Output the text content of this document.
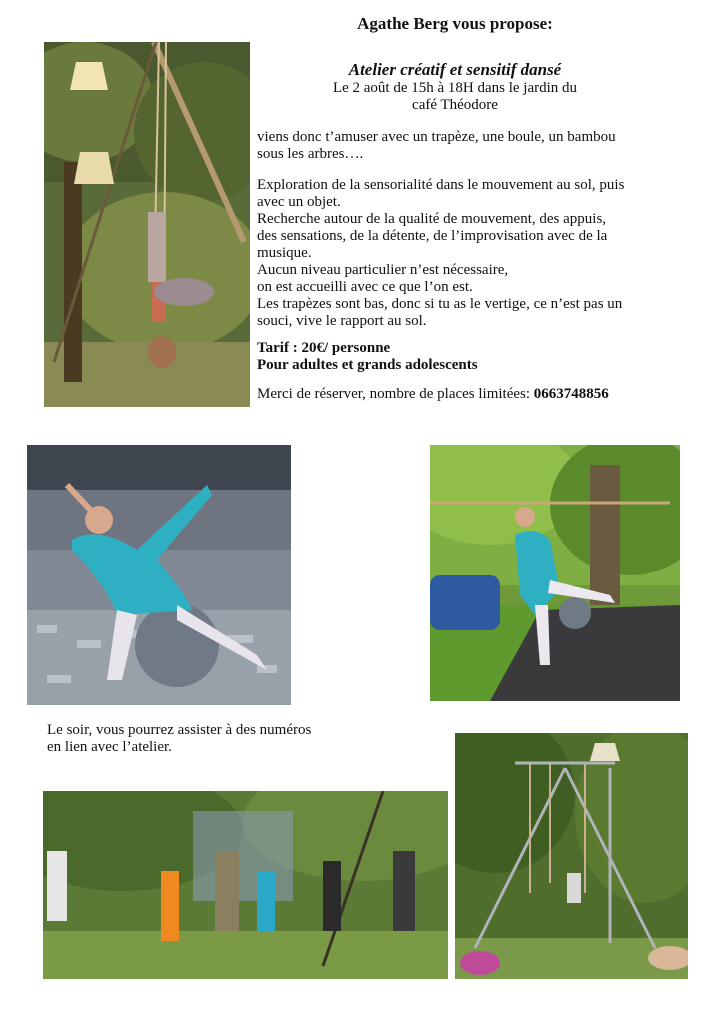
Agathe Berg vous propose:
Atelier créatif et sensitif dansé
Le 2 août de 15h à 18H dans le jardin du
café Théodore
viens donc t’amuser avec un trapèze, une boule, un bambou
sous les arbres….
Exploration de la sensorialité dans le mouvement au sol, puis
avec un objet.
Recherche autour de la qualité de mouvement, des appuis,
des sensations, de la détente, de l’improvisation avec de la
musique.
Aucun niveau particulier n’est nécessaire,
on est accueilli avec ce que l’on est.
Les trapèzes sont bas, donc si tu as le vertige, ce n’est pas un
souci, vive le rapport au sol.
Tarif : 20€/ personne
Pour adultes et grands adolescents
Merci de réserver, nombre de places limitées: 0663748856
Le soir, vous pourrez assister à des numéros
en lien avec l’atelier.
